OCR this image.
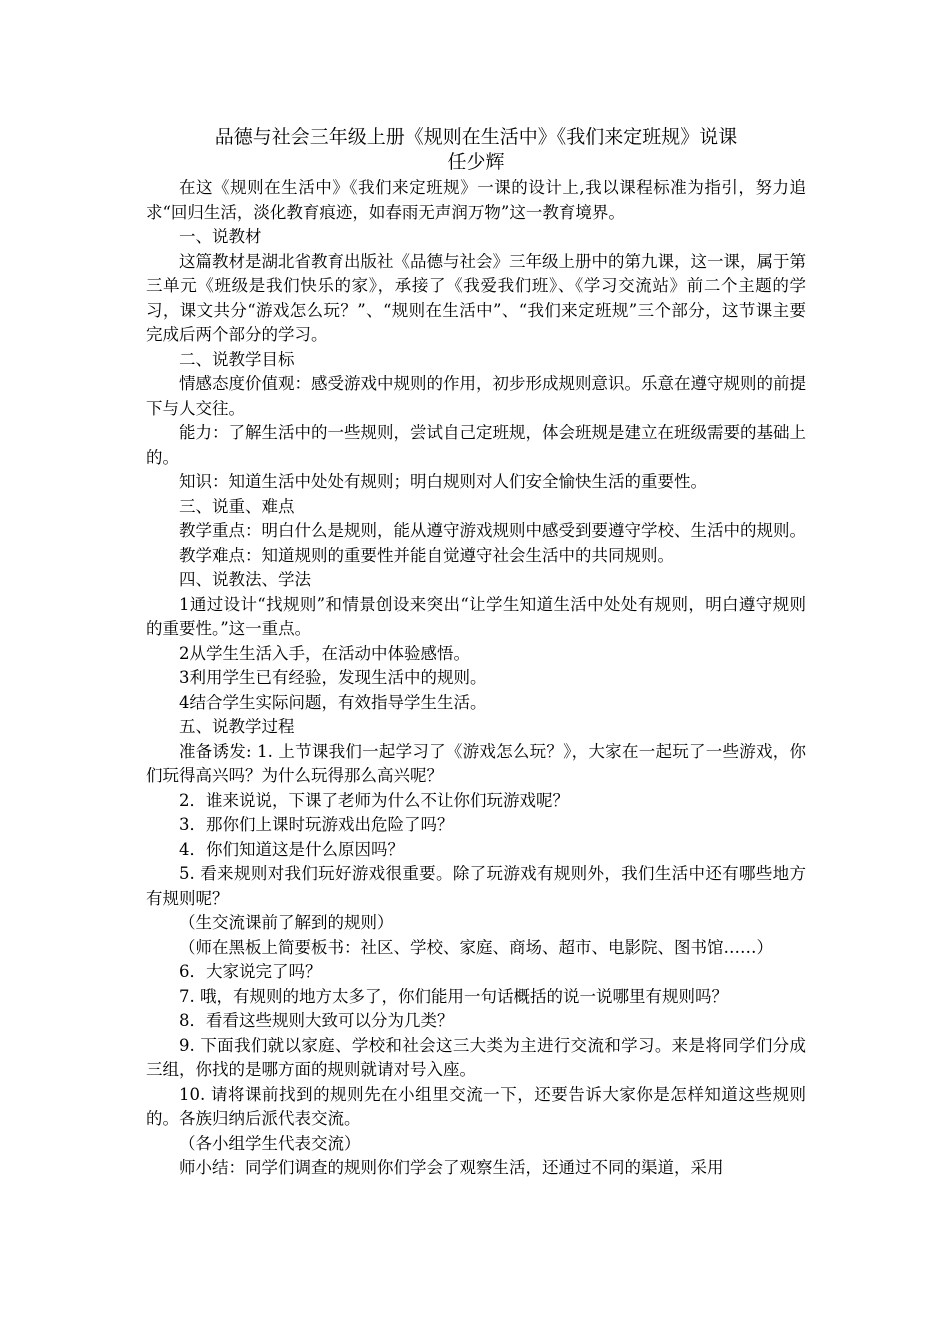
品德与社会三年级上册《规则在生活中》《我们来定班规》说课
任少辉

在这《规则在生活中》《我们来定班规》一课的设计上,我以课程标准为指引，努力追求“回归生活，淡化教育痕迹，如春雨无声润万物”这一教育境界。

一、说教材

这篇教材是湖北省教育出版社《品德与社会》三年级上册中的第九课，这一课，属于第三单元《班级是我们快乐的家》，承接了《我爱我们班》、《学习交流站》前二个主题的学习，课文共分“游戏怎么玩？”、“规则在生活中”、“我们来定班规”三个部分，这节课主要完成后两个部分的学习。

二、说教学目标

情感态度价值观：感受游戏中规则的作用，初步形成规则意识。乐意在遵守规则的前提下与人交往。

能力：了解生活中的一些规则，尝试自己定班规，体会班规是建立在班级需要的基础上的。

知识：知道生活中处处有规则；明白规则对人们安全愉快生活的重要性。

三、说重、难点

教学重点：明白什么是规则，能从遵守游戏规则中感受到要遵守学校、生活中的规则。

教学难点：知道规则的重要性并能自觉遵守社会生活中的共同规则。

四、说教法、学法

1通过设计“找规则”和情景创设来突出“让学生知道生活中处处有规则，明白遵守规则的重要性。”这一重点。

2从学生生活入手，在活动中体验感悟。

3利用学生已有经验，发现生活中的规则。

4结合学生实际问题，有效指导学生生活。

五、说教学过程

准备诱发: 1. 上节课我们一起学习了《游戏怎么玩？》，大家在一起玩了一些游戏，你们玩得高兴吗？为什么玩得那么高兴呢？

2．谁来说说，下课了老师为什么不让你们玩游戏呢？

3．那你们上课时玩游戏出危险了吗？

4．你们知道这是什么原因吗？

5. 看来规则对我们玩好游戏很重要。除了玩游戏有规则外，我们生活中还有哪些地方有规则呢？

（生交流课前了解到的规则）

（师在黑板上简要板书：社区、学校、家庭、商场、超市、电影院、图书馆……）

6．大家说完了吗？

7. 哦，有规则的地方太多了，你们能用一句话概括的说一说哪里有规则吗？

8．看看这些规则大致可以分为几类？

9. 下面我们就以家庭、学校和社会这三大类为主进行交流和学习。来是将同学们分成三组，你找的是哪方面的规则就请对号入座。

10. 请将课前找到的规则先在小组里交流一下，还要告诉大家你是怎样知道这些规则的。各族归纳后派代表交流。

（各小组学生代表交流）

师小结：同学们调查的规则你们学会了观察生活，还通过不同的渠道，采用
